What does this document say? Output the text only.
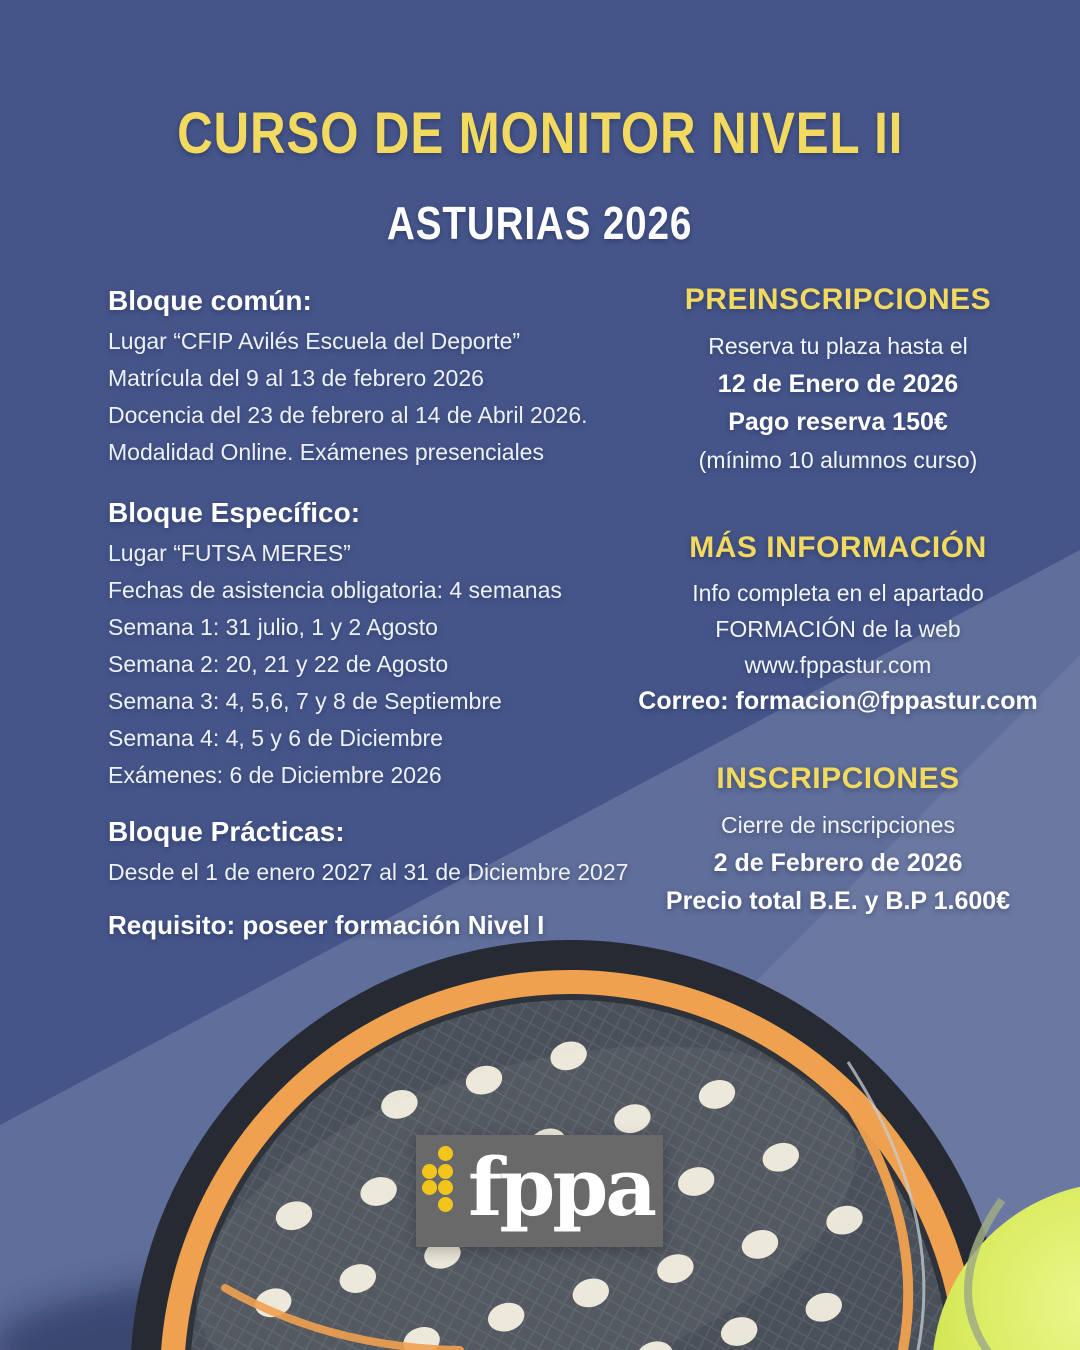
fppa
CURSO DE MONITOR NIVEL II
ASTURIAS 2026
Bloque común:

Lugar “CFIP Avilés Escuela del Deporte”

Matrícula del 9 al 13 de febrero 2026

Docencia del 23 de febrero al 14 de Abril 2026.

Modalidad Online. Exámenes presenciales

Bloque Específico:

Lugar “FUTSA MERES”

Fechas de asistencia obligatoria: 4 semanas

Semana 1: 31 julio, 1 y 2 Agosto

Semana 2: 20, 21 y 22 de Agosto

Semana 3: 4, 5,6, 7 y 8 de Septiembre

Semana 4: 4, 5 y 6 de Diciembre

Exámenes: 6 de Diciembre 2026

Bloque Prácticas:

Desde el 1 de enero 2027 al 31 de Diciembre 2027

Requisito: poseer formación Nivel I

PREINSCRIPCIONES

Reserva tu plaza hasta el

12 de Enero de 2026

Pago reserva 150€

(mínimo 10 alumnos curso)

MÁS INFORMACIÓN

Info completa en el apartado

FORMACIÓN de la web

www.fppastur.com

Correo: formacion@fppastur.com

INSCRIPCIONES

Cierre de inscripciones

2 de Febrero de 2026

Precio total B.E. y B.P 1.600€
